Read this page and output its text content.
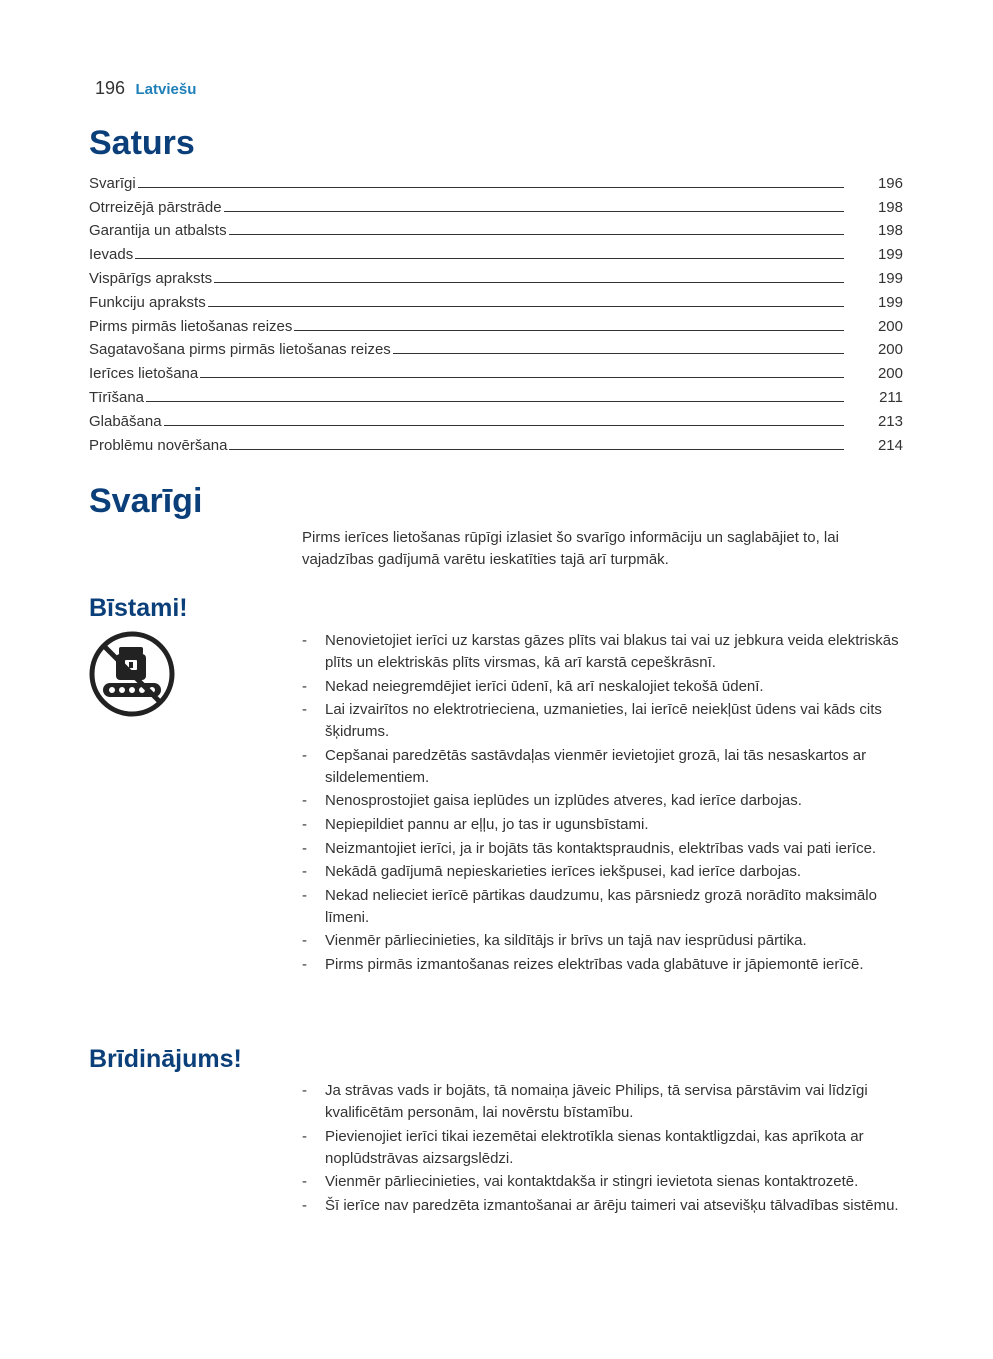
196 Latviešu
Saturs
Svarīgi	196
Otrreizējā pārstrāde	198
Garantija un atbalsts	198
Ievads	199
Vispārīgs apraksts	199
Funkciju apraksts	199
Pirms pirmās lietošanas reizes	200
Sagatavošana pirms pirmās lietošanas reizes	200
Ierīces lietošana	200
Tīrīšana	211
Glabāšana	213
Problēmu novēršana	214
Svarīgi

Pirms ierīces lietošanas rūpīgi izlasiet šo svarīgo informāciju un saglabājiet to, lai vajadzības gadījumā varētu ieskatīties tajā arī turpmāk.

Bīstami!
-	Nenovietojiet ierīci uz karstas gāzes plīts vai blakus tai vai uz jebkura veida elektriskās plīts un elektriskās plīts virsmas, kā arī karstā cepeškrāsnī.
-	Nekad neiegremdējiet ierīci ūdenī, kā arī neskalojiet tekošā ūdenī.
-	Lai izvairītos no elektrotrieciena, uzmanieties, lai ierīcē neiekļūst ūdens vai kāds cits šķidrums.
-	Cepšanai paredzētās sastāvdaļas vienmēr ievietojiet grozā, lai tās nesaskartos ar sildelementiem.
-	Nenosprostojiet gaisa ieplūdes un izplūdes atveres, kad ierīce darbojas.
-	Nepiepildiet pannu ar eļļu, jo tas ir ugunsbīstami.
-	Neizmantojiet ierīci, ja ir bojāts tās kontaktspraudnis, elektrības vads vai pati ierīce.
-	Nekādā gadījumā nepieskarieties ierīces iekšpusei, kad ierīce darbojas.
-	Nekad nelieciet ierīcē pārtikas daudzumu, kas pārsniedz grozā norādīto maksimālo līmeni.
-	Vienmēr pārliecinieties, ka sildītājs ir brīvs un tajā nav iesprūdusi pārtika.
-	Pirms pirmās izmantošanas reizes elektrības vada glabātuve ir jāpiemontē ierīcē.
Brīdinājums!
-	Ja strāvas vads ir bojāts, tā nomaiņa jāveic Philips, tā servisa pārstāvim vai līdzīgi kvalificētām personām, lai novērstu bīstamību.
-	Pievienojiet ierīci tikai iezemētai elektrotīkla sienas kontaktligzdai, kas aprīkota ar noplūdstrāvas aizsargslēdzi.
-	Vienmēr pārliecinieties, vai kontaktdakša ir stingri ievietota sienas kontaktrozetē.
-	Šī ierīce nav paredzēta izmantošanai ar ārēju taimeri vai atsevišķu tālvadības sistēmu.
